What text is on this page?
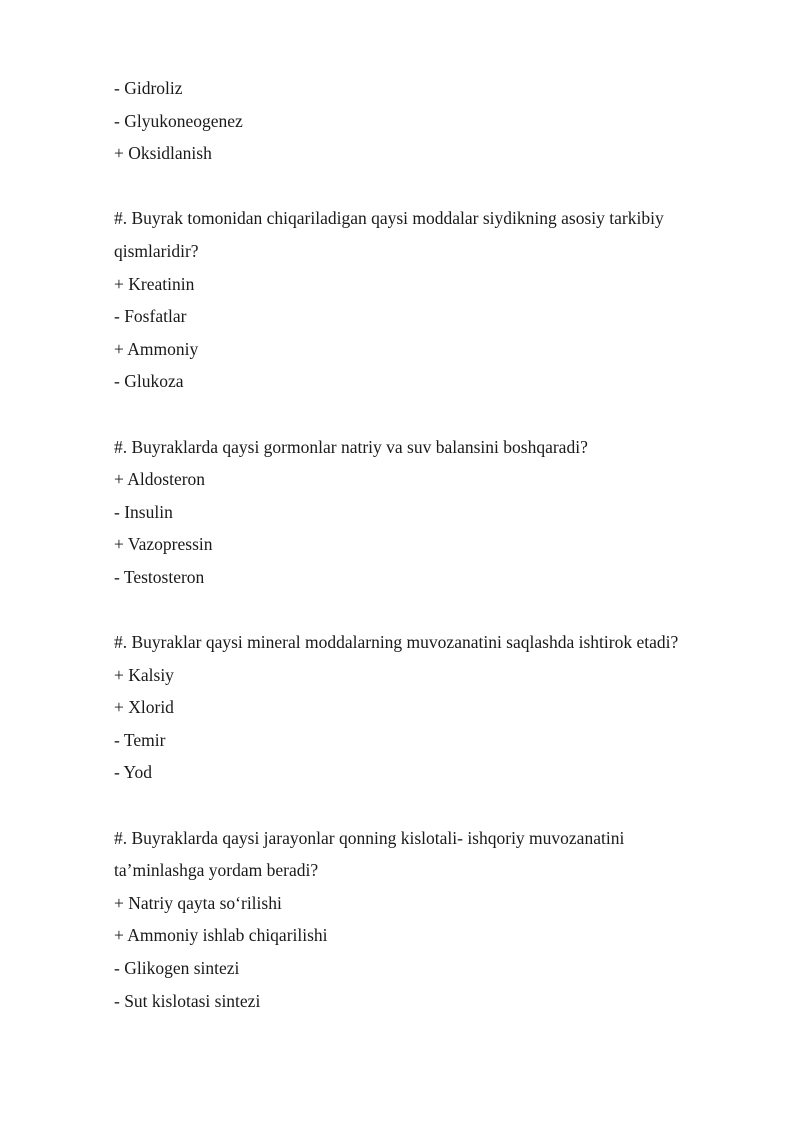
- Gidroliz
- Glyukoneogenez
+ Oksidlanish
#. Buyrak tomonidan chiqariladigan qaysi moddalar siydikning asosiy tarkibiy
qismlaridir?
+ Kreatinin
- Fosfatlar
+ Ammoniy
- Glukoza
#. Buyraklarda qaysi gormonlar natriy va suv balansini boshqaradi?
+ Aldosteron
- Insulin
+ Vazopressin
- Testosteron
#. Buyraklar qaysi mineral moddalarning muvozanatini saqlashda ishtirok etadi?
+ Kalsiy
+ Xlorid
- Temir
- Yod
#. Buyraklarda qaysi jarayonlar qonning kislotali- ishqoriy muvozanatini
ta’minlashga yordam beradi?
+ Natriy qayta so‘rilishi
+ Ammoniy ishlab chiqarilishi
- Glikogen sintezi
- Sut kislotasi sintezi
